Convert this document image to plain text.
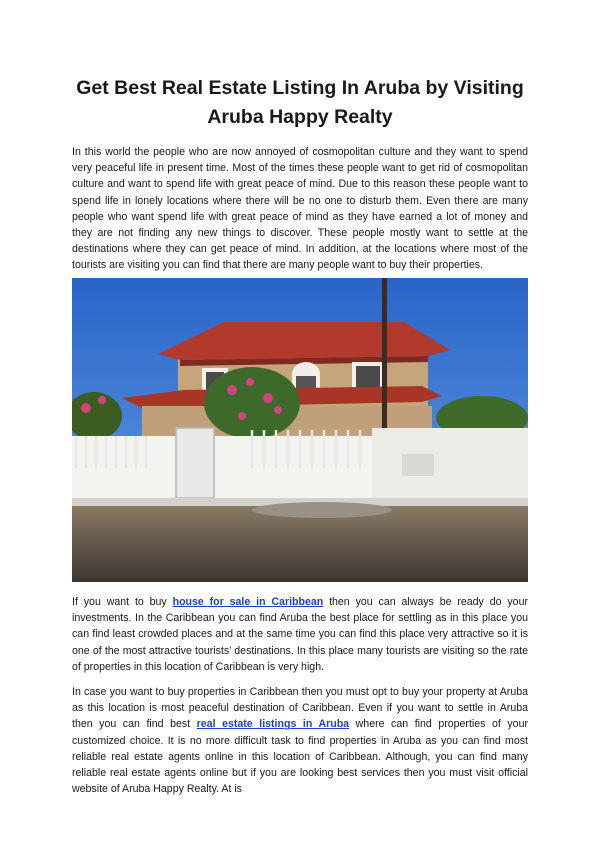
Get Best Real Estate Listing In Aruba by Visiting
Aruba Happy Realty

In this world the people who are now annoyed of cosmopolitan culture and they want to spend very peaceful life in present time. Most of the times these people want to get rid of cosmopolitan culture and want to spend life with great peace of mind. Due to this reason these people want to spend life in lonely locations where there will be no one to disturb them. Even there are many people who want spend life with great peace of mind as they have earned a lot of money and they are not finding any new things to discover. These people mostly want to settle at the destinations where they can get peace of mind. In addition, at the locations where most of the tourists are visiting you can find that there are many people want to buy their properties.

If you want to buy house for sale in Caribbean then you can always be ready do your investments. In the Caribbean you can find Aruba the best place for settling as in this place you can find least crowded places and at the same time you can find this place very attractive so it is one of the most attractive tourists’ destinations. In this place many tourists are visiting so the rate of properties in this location of Caribbean is very high.

In case you want to buy properties in Caribbean then you must opt to buy your property at Aruba as this location is most peaceful destination of Caribbean. Even if you want to settle in Aruba then you can find best real estate listings in Aruba where can find properties of your customized choice. It is no more difficult task to find properties in Aruba as you can find most reliable real estate agents online in this location of Caribbean. Although, you can find many reliable real estate agents online but if you are looking best services then you must visit official website of Aruba Happy Realty. At is
